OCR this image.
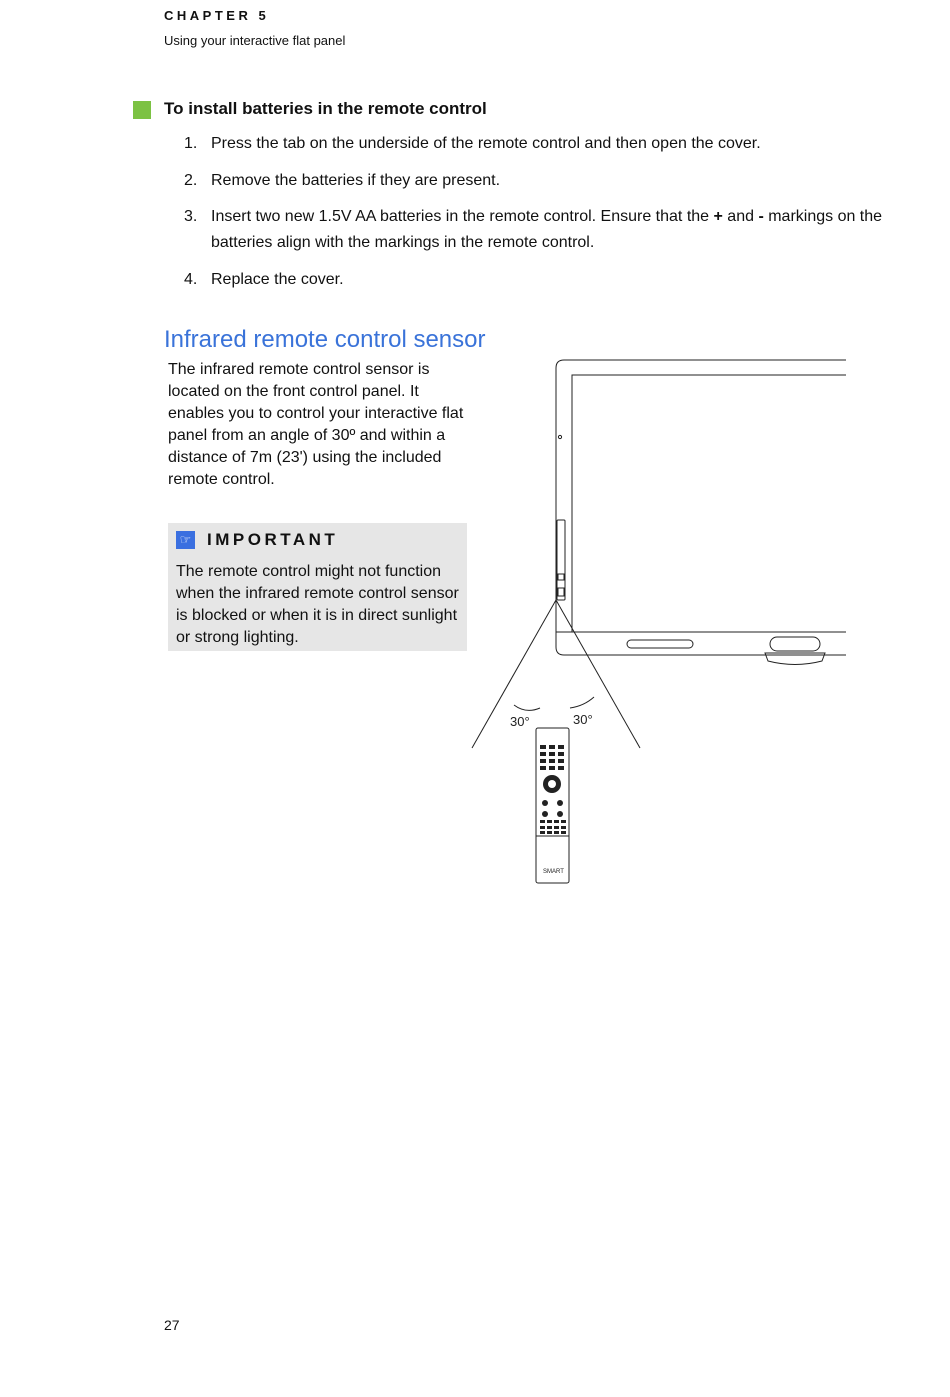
CHAPTER 5
Using your interactive flat panel
To install batteries in the remote control
1. Press the tab on the underside of the remote control and then open the cover.
2. Remove the batteries if they are present.
3. Insert two new 1.5V AA batteries in the remote control. Ensure that the + and - markings on the batteries align with the markings in the remote control.
4. Replace the cover.
Infrared remote control sensor
The infrared remote control sensor is located on the front control panel. It enables you to control your interactive flat panel from an angle of 30º and within a distance of 7m (23') using the included remote control.
☞ IMPORTANT
The remote control might not function when the infrared remote control sensor is blocked or when it is in direct sunlight or strong lighting.
30°	30°
SMART
27
